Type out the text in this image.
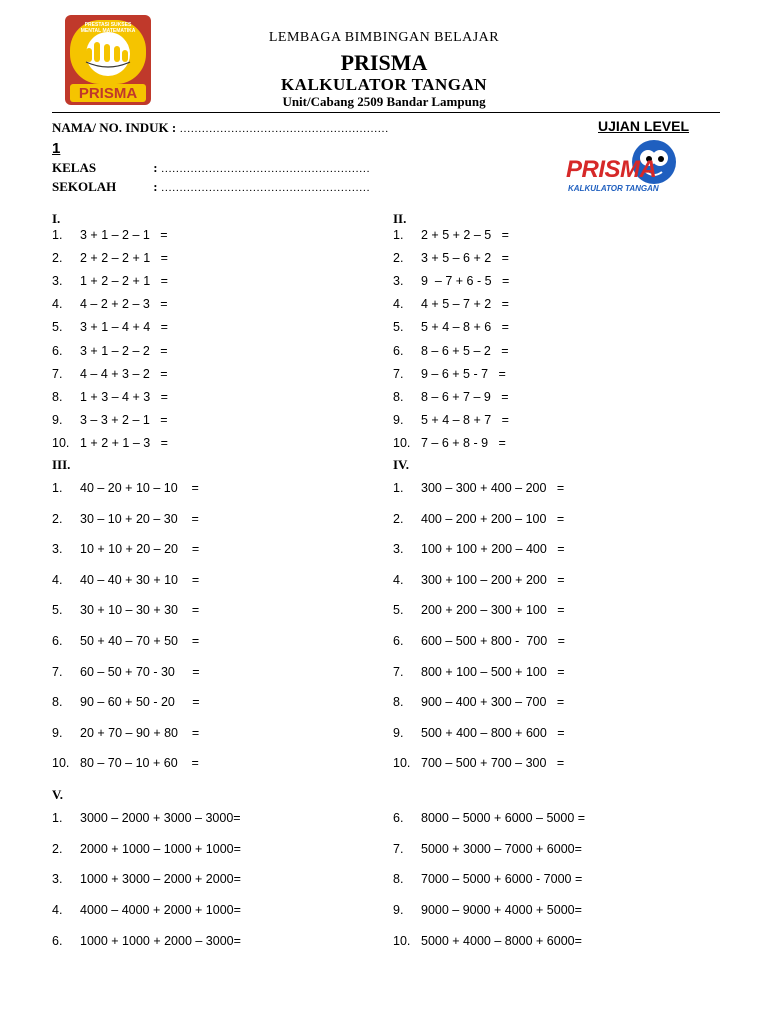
PRESTASI SUKSES MENTAL MATEMATIKA
PRISMA
LEMBAGA BIMBINGAN BELAJAR
PRISMA
KALKULATOR TANGAN
Unit/Cabang 2509 Bandar Lampung
NAMA/ NO. INDUK : …………………………………………………	UJIAN LEVEL
1
KELAS	: …………………………………………………
SEKOLAH	: …………………………………………………
PRISMA
KALKULATOR TANGAN
I.	II.
III.	IV.
V.
1. 3 + 1 – 2 – 1   =
2. 2 + 2 – 2 + 1   =
3. 1 + 2 – 2 + 1   =
4. 4 – 2 + 2 – 3   =
5. 3 + 1 – 4 + 4   =
6. 3 + 1 – 2 – 2   =
7. 4 – 4 + 3 – 2   =
8. 1 + 3 – 4 + 3   =
9. 3 – 3 + 2 – 1   =
10. 1 + 2 + 1 – 3   =
1. 2 + 5 + 2 – 5   =
2. 3 + 5 – 6 + 2   =
3. 9  – 7 + 6 - 5   =
4. 4 + 5 – 7 + 2   =
5. 5 + 4 – 8 + 6   =
6. 8 – 6 + 5 – 2   =
7. 9 – 6 + 5 - 7   =
8. 8 – 6 + 7 – 9   =
9. 5 + 4 – 8 + 7   =
10. 7 – 6 + 8 - 9   =
1. 40 – 20 + 10 – 10    =
2. 30 – 10 + 20 – 30    =
3. 10 + 10 + 20 – 20    =
4. 40 – 40 + 30 + 10    =
5. 30 + 10 – 30 + 30    =
6. 50 + 40 – 70 + 50    =
7. 60 – 50 + 70 - 30     =
8. 90 – 60 + 50 - 20     =
9. 20 + 70 – 90 + 80    =
10. 80 – 70 – 10 + 60    =
1. 300 – 300 + 400 – 200   =
2. 400 – 200 + 200 – 100   =
3. 100 + 100 + 200 – 400   =
4. 300 + 100 – 200 + 200   =
5. 200 + 200 – 300 + 100   =
6. 600 – 500 + 800 -  700   =
7. 800 + 100 – 500 + 100   =
8. 900 – 400 + 300 – 700   =
9. 500 + 400 – 800 + 600   =
10. 700 – 500 + 700 – 300   =
1. 3000 – 2000 + 3000 – 3000=
2. 2000 + 1000 – 1000 + 1000=
3. 1000 + 3000 – 2000 + 2000=
4. 4000 – 4000 + 2000 + 1000=
6. 1000 + 1000 + 2000 – 3000=
6. 8000 – 5000 + 6000 – 5000 =
7. 5000 + 3000 – 7000 + 6000=
8. 7000 – 5000 + 6000 - 7000 =
9. 9000 – 9000 + 4000 + 5000=
10. 5000 + 4000 – 8000 + 6000=
